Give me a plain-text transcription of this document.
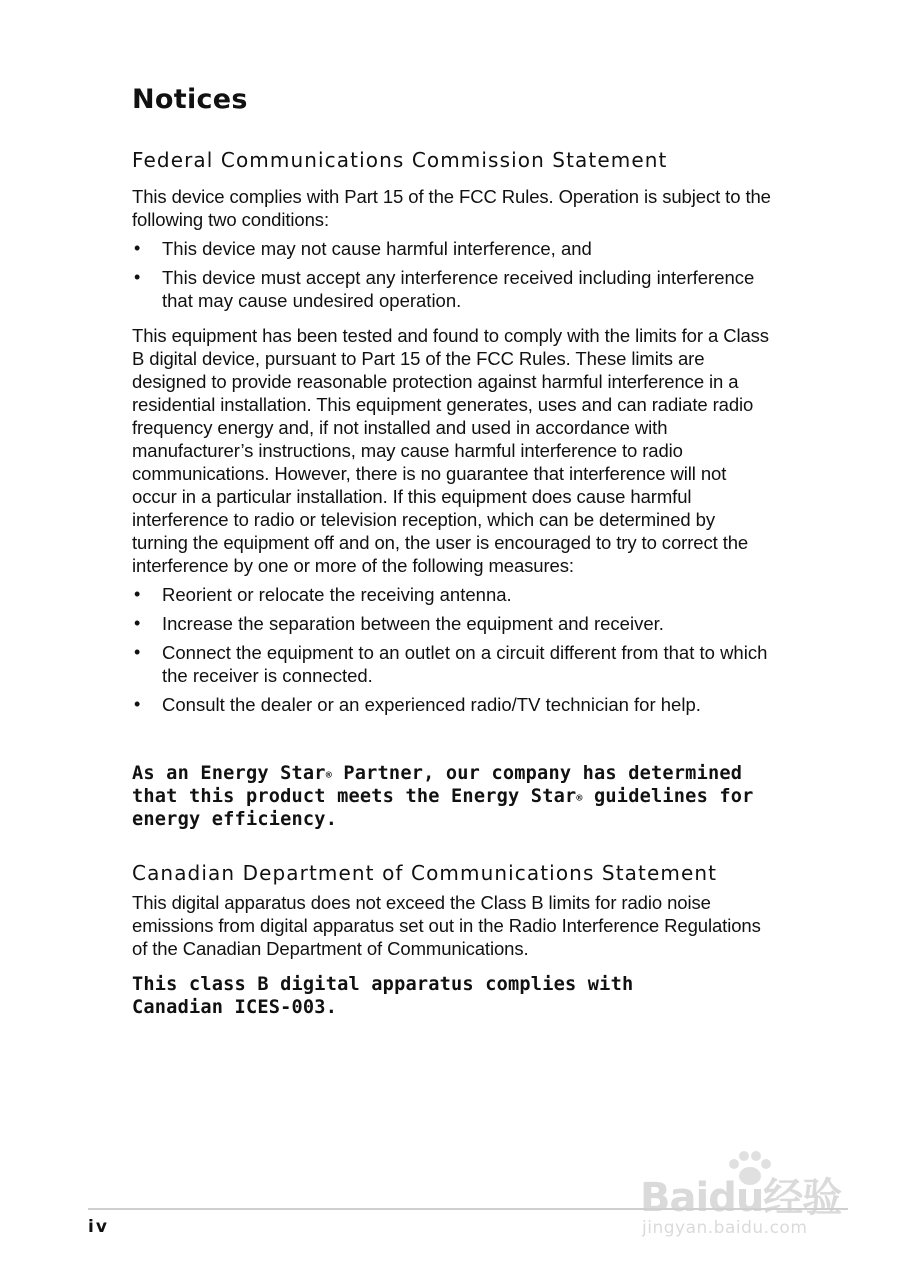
Notices
Federal Communications Commission Statement

This device complies with Part 15 of the FCC Rules. Operation is subject to the following two conditions:

• This device may not cause harmful interference, and
• This device must accept any interference received including interference that may cause undesired operation.

This equipment has been tested and found to comply with the limits for a Class B digital device, pursuant to Part 15 of the FCC Rules. These limits are designed to provide reasonable protection against harmful interference in a residential installation. This equipment generates, uses and can radiate radio frequency energy and, if not installed and used in accordance with manufacturer’s instructions, may cause harmful interference to radio communications. However, there is no guarantee that interference will not occur in a particular installation. If this equipment does cause harmful interference to radio or television reception, which can be determined by turning the equipment off and on, the user is encouraged to try to correct the interference by one or more of the following measures:

• Reorient or relocate the receiving antenna.
• Increase the separation between the equipment and receiver.
• Connect the equipment to an outlet on a circuit different from that to which the receiver is connected.
• Consult the dealer or an experienced radio/TV technician for help.

As an Energy Star® Partner, our company has determined that this product meets the Energy Star® guidelines for energy efficiency.

Canadian Department of Communications Statement

This digital apparatus does not exceed the Class B limits for radio noise emissions from digital apparatus set out in the Radio Interference Regulations of the Canadian Department of Communications.

This class B digital apparatus complies with Canadian ICES-003.

Baidu经验
jingyan.baidu.com

iv
